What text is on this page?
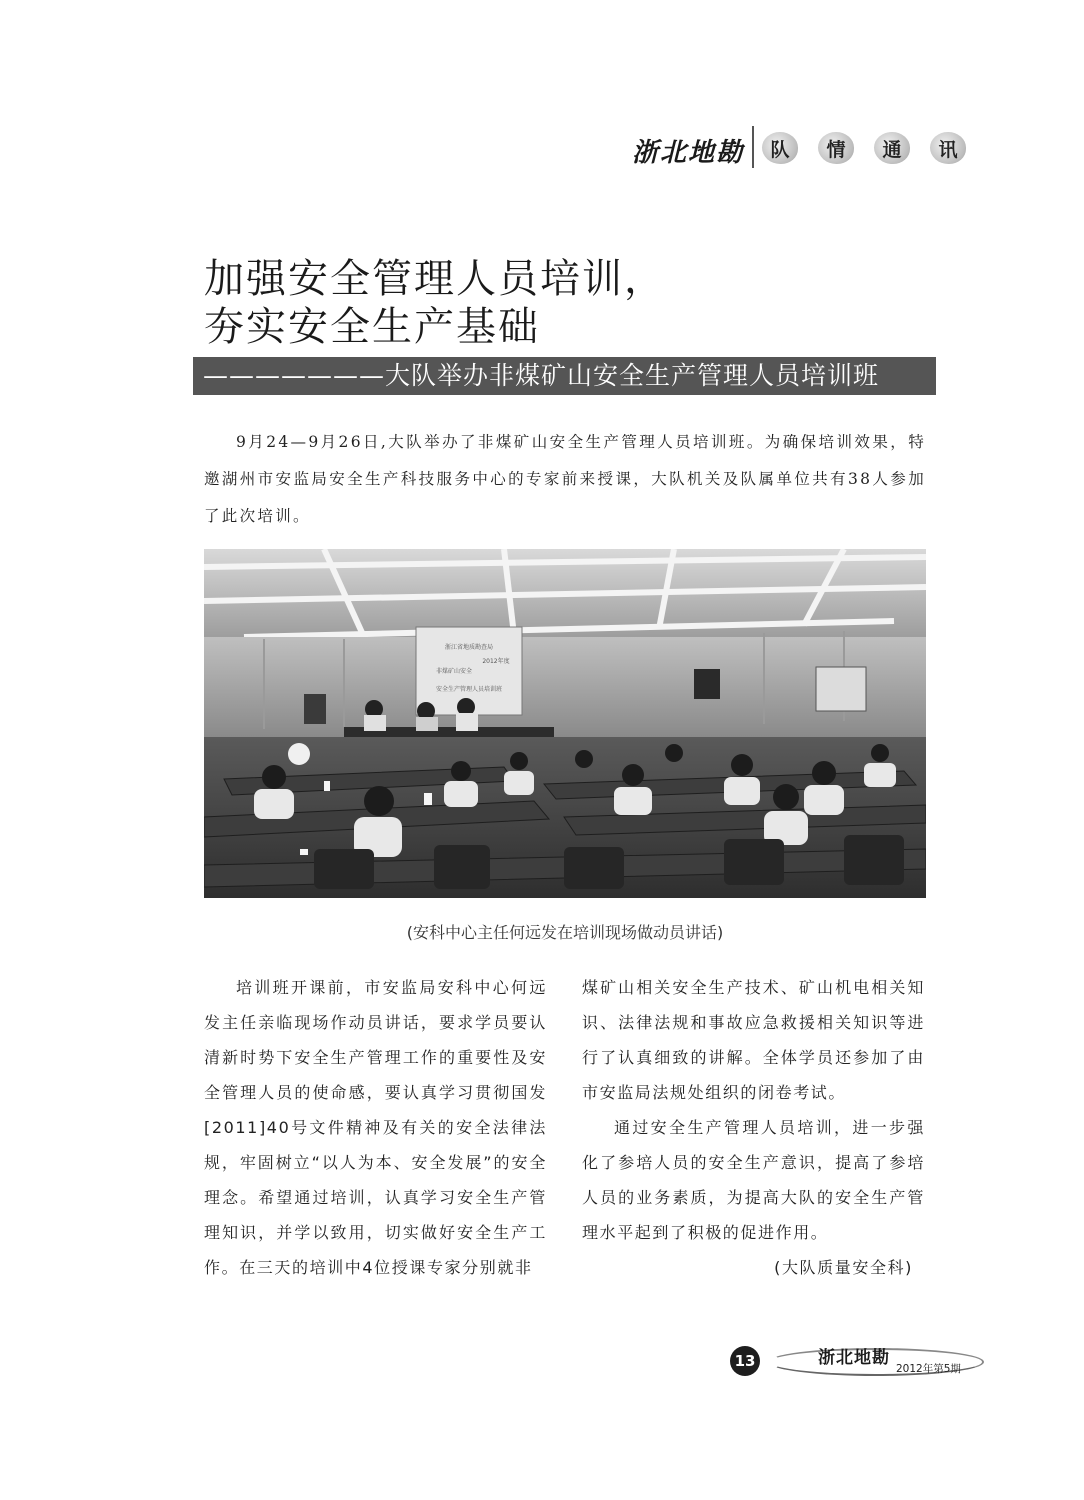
浙北地勘	队	情	通	讯
加强安全管理人员培训，
夯实安全生产基础
———————大队举办非煤矿山安全生产管理人员培训班
9月24—9月26日,大队举办了非煤矿山安全生产管理人员培训班。为确保培训效果，特邀湖州市安监局安全生产科技服务中心的专家前来授课，大队机关及队属单位共有38人参加了此次培训。
浙江省地质勘查局
2012年度
非煤矿山安全
安全生产管理人员培训班
(安科中心主任何远发在培训现场做动员讲话)

培训班开课前，市安监局安科中心何远发主任亲临现场作动员讲话，要求学员要认清新时势下安全生产管理工作的重要性及安全管理人员的使命感，要认真学习贯彻国发[2011]40号文件精神及有关的安全法律法规，牢固树立“以人为本、安全发展”的安全理念。希望通过培训，认真学习安全生产管理知识，并学以致用，切实做好安全生产工作。在三天的培训中4位授课专家分别就非

煤矿山相关安全生产技术、矿山机电相关知识、法律法规和事故应急救援相关知识等进行了认真细致的讲解。全体学员还参加了由市安监局法规处组织的闭卷考试。

通过安全生产管理人员培训，进一步强化了参培人员的安全生产意识，提高了参培人员的业务素质，为提高大队的安全生产管理水平起到了积极的促进作用。

(大队质量安全科)

13	浙北地勘
2012年第5期
